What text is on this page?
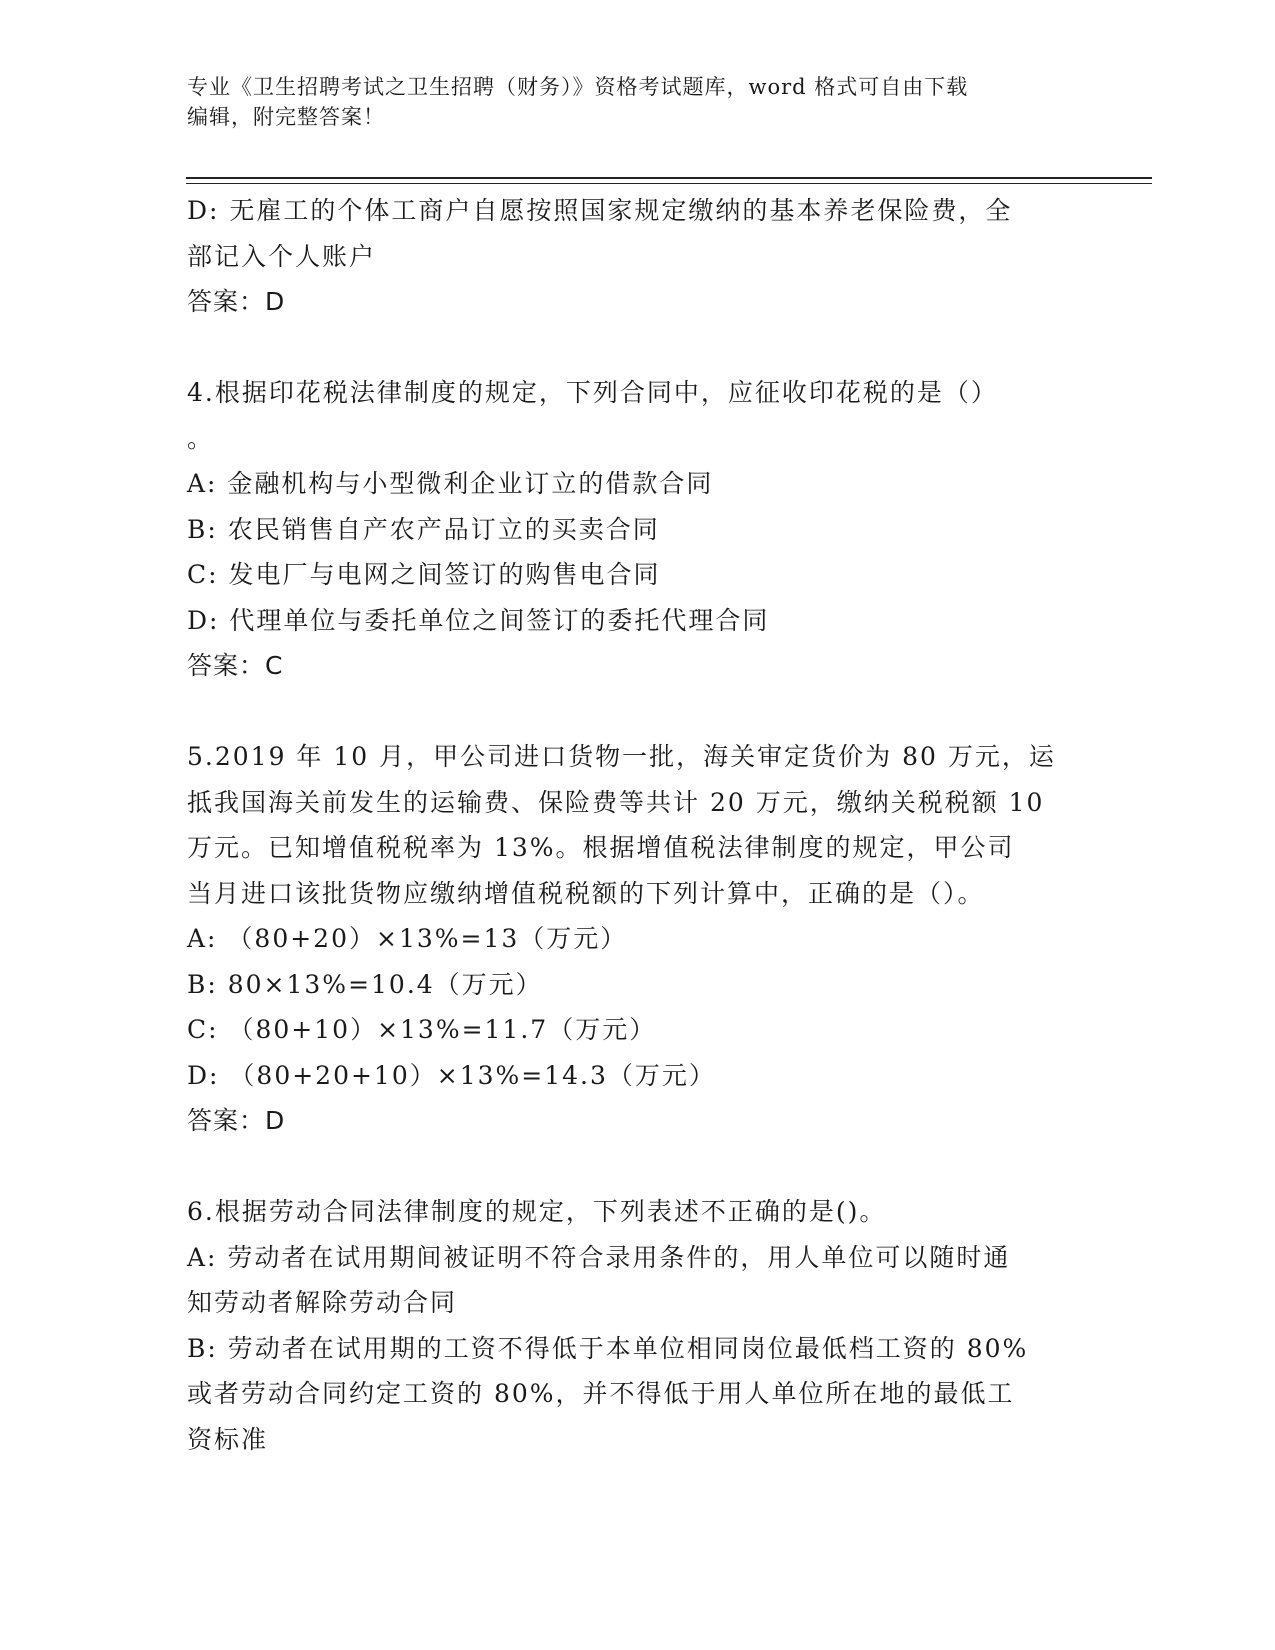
专业《卫生招聘考试之卫生招聘（财务）》资格考试题库，word 格式可自由下载
编辑，附完整答案！

D: 无雇工的个体工商户自愿按照国家规定缴纳的基本养老保险费，全

部记入个人账户

答案：D

4.根据印花税法律制度的规定，下列合同中，应征收印花税的是（）

。

A: 金融机构与小型微利企业订立的借款合同

B: 农民销售自产农产品订立的买卖合同

C: 发电厂与电网之间签订的购售电合同

D: 代理单位与委托单位之间签订的委托代理合同

答案：C

5.2019 年 10 月，甲公司进口货物一批，海关审定货价为 80 万元，运

抵我国海关前发生的运输费、保险费等共计 20 万元，缴纳关税税额 10

万元。已知增值税税率为 13%。根据增值税法律制度的规定，甲公司

当月进口该批货物应缴纳增值税税额的下列计算中，正确的是（）。

A: （80+20）×13%=13（万元）

B: 80×13%=10.4（万元）

C: （80+10）×13%=11.7（万元）

D: （80+20+10）×13%=14.3（万元）

答案：D

6.根据劳动合同法律制度的规定，下列表述不正确的是()。

A: 劳动者在试用期间被证明不符合录用条件的，用人单位可以随时通

知劳动者解除劳动合同

B: 劳动者在试用期的工资不得低于本单位相同岗位最低档工资的 80%

或者劳动合同约定工资的 80%，并不得低于用人单位所在地的最低工

资标准
